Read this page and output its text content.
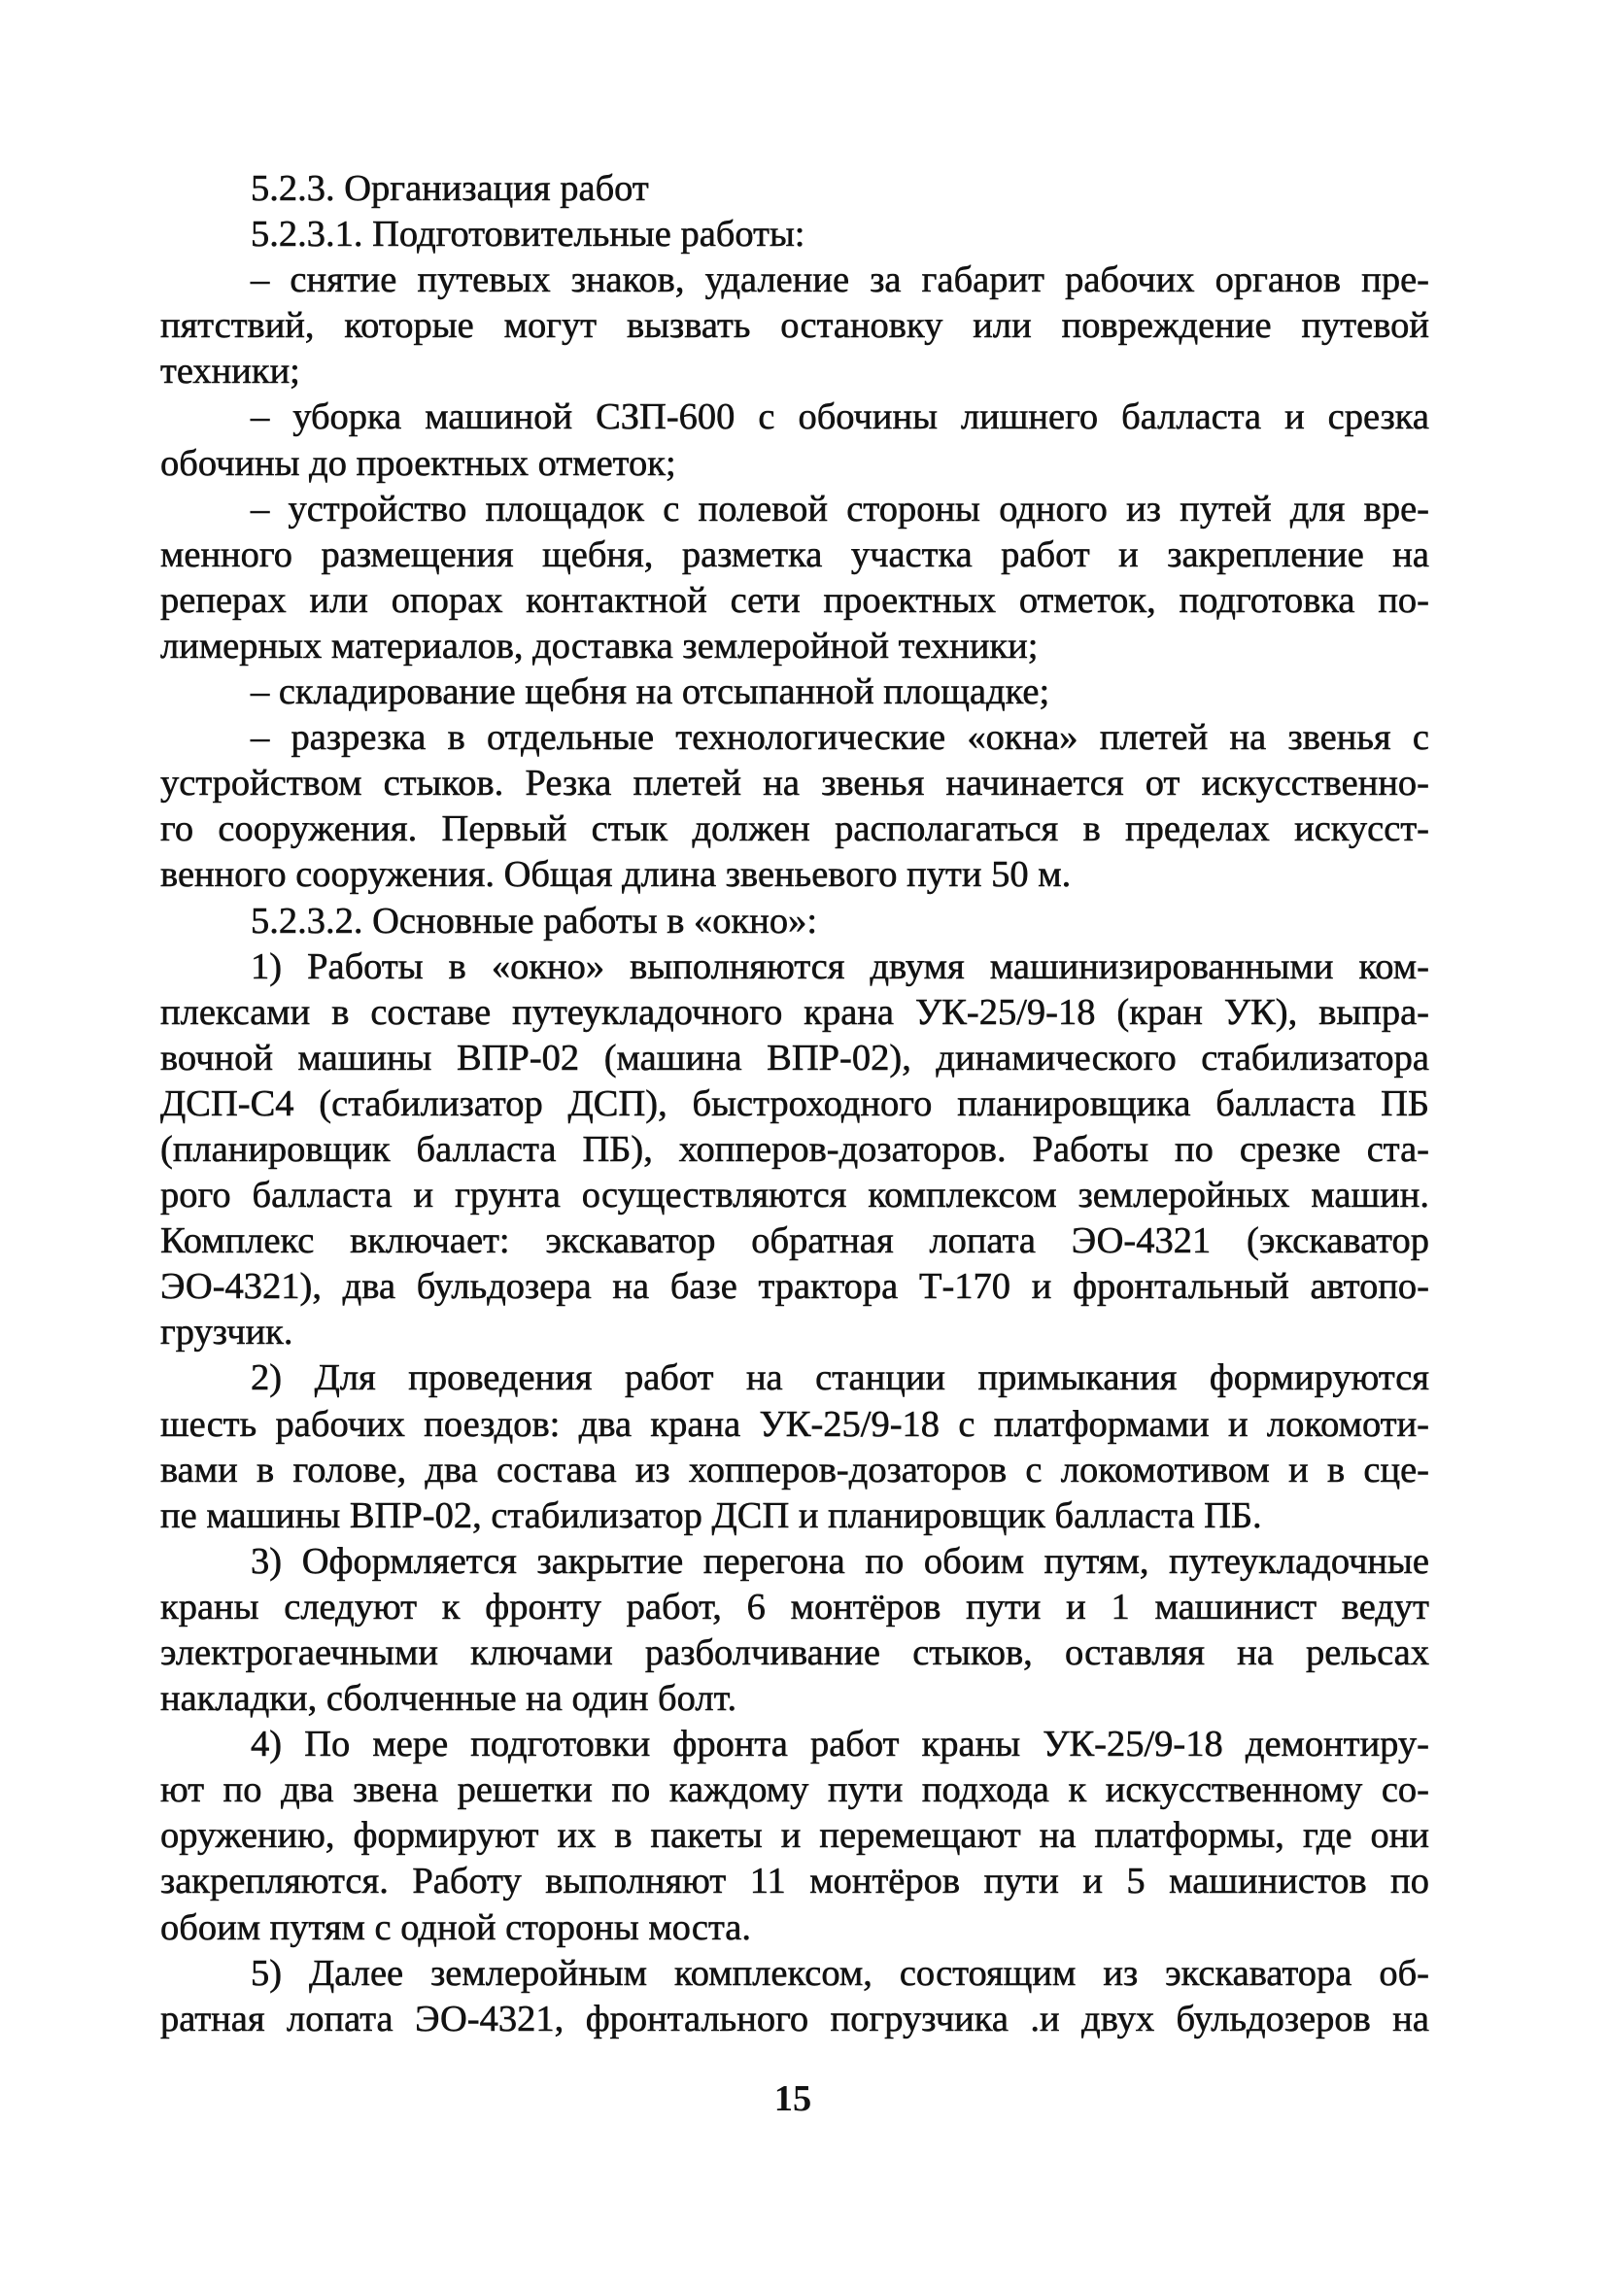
5.2.3. Организация работ
5.2.3.1. Подготовительные работы:
– снятие путевых знаков, удаление за габарит рабочих органов пре-
пятствий, которые могут вызвать остановку или повреждение путевой
техники;
– уборка машиной СЗП-600 с обочины лишнего балласта и срезка
обочины до проектных отметок;
– устройство площадок с полевой стороны одного из путей для вре-
менного размещения щебня, разметка участка работ и закрепление на
реперах или опорах контактной сети проектных отметок, подготовка по-
лимерных материалов, доставка землеройной техники;
– складирование щебня на отсыпанной площадке;
– разрезка в отдельные технологические «окна» плетей на звенья с
устройством стыков. Резка плетей на звенья начинается от искусственно-
го сооружения. Первый стык должен располагаться в пределах искусст-
венного сооружения. Общая длина звеньевого пути 50 м.
5.2.3.2. Основные работы в «окно»:
1) Работы в «окно» выполняются двумя машинизированными ком-
плексами в составе путеукладочного крана УК-25/9-18 (кран УК), выпра-
вочной машины ВПР-02 (машина ВПР-02), динамического стабилизатора
ДСП-С4 (стабилизатор ДСП), быстроходного планировщика балласта ПБ
(планировщик балласта ПБ), хопперов-дозаторов. Работы по срезке ста-
рого балласта и грунта осуществляются комплексом землеройных машин.
Комплекс включает: экскаватор обратная лопата ЭО-4321 (экскаватор
ЭО-4321), два бульдозера на базе трактора Т-170 и фронтальный автопо-
грузчик.
2) Для проведения работ на станции примыкания формируются
шесть рабочих поездов: два крана УК-25/9-18 с платформами и локомоти-
вами в голове, два состава из хопперов-дозаторов с локомотивом и в сце-
пе машины ВПР-02, стабилизатор ДСП и планировщик балласта ПБ.
3) Оформляется закрытие перегона по обоим путям, путеукладочные
краны следуют к фронту работ, 6 монтёров пути и 1 машинист ведут
электрогаечными ключами разболчивание стыков, оставляя на рельсах
накладки, сболченные на один болт.
4) По мере подготовки фронта работ краны УК-25/9-18 демонтиру-
ют по два звена решетки по каждому пути подхода к искусственному со-
оружению, формируют их в пакеты и перемещают на платформы, где они
закрепляются. Работу выполняют 11 монтёров пути и 5 машинистов по
обоим путям с одной стороны моста.
5) Далее землеройным комплексом, состоящим из экскаватора об-
ратная лопата ЭО-4321, фронтального погрузчика .и двух бульдозеров на
15
